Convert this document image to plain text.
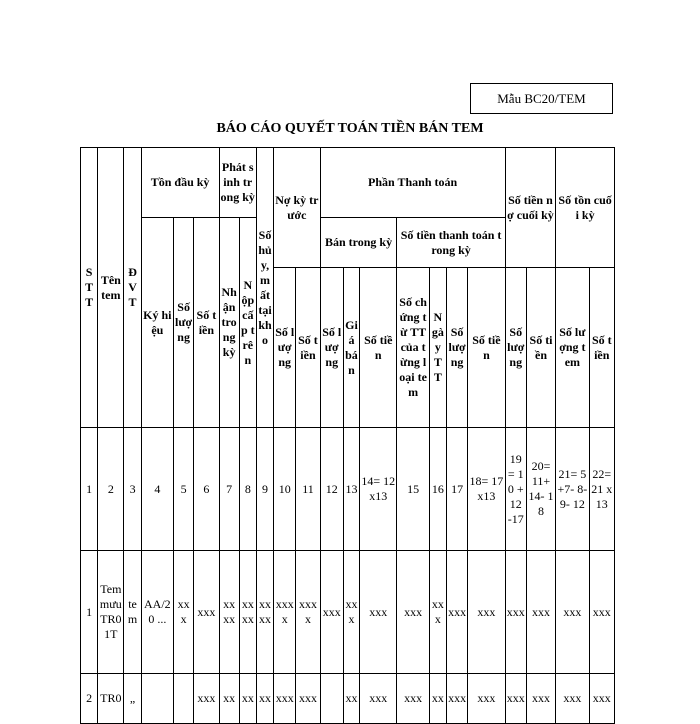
Mẫu BC20/TEM
BÁO CÁO QUYẾT TOÁN TIỀN BÁN TEM
STT	Tên tem	ĐVT	Tồn đầu kỳ			Phát sinh trong kỳ		Số hủy, mất tại kho	Nợ kỳ trước		Phần Thanh toán							Số tiền nợ cuối kỳ		Số tồn cuối kỳ	
			Ký hiệu	Số lượng	Số tiền	Nhận trong kỳ	Nộp cấp trên				Bán trong kỳ			Số tiền thanh toán trong kỳ							
									Số lượng	Số tiền	Số lượng	Giá bán	Số tiền	Số chứng từ TT của từng loại tem	Ngày TT	Số lượng	Số tiền	Số lượng	Số tiền	Số lượng tem	Số tiền
1	2	3	4	5	6	7	8	9	10	11	12	13	14= 12x13	15	16	17	18= 17x13	19 = 10 +12 -17	20= 11+ 14- 18	21= 5+7- 8-9- 12	22= 21 x13
1	Tem mưu TR01T	tem	AA/20 ...	xxx	xxx	xxxx	xxxx	xxxx	xxxx	xxxx	xxx	xxx	xxx	xxx	xxx	xxx	xxx	xxx	xxx	xxx	xxx
2	TR0	„			xxx	xx	xx	xx	xxx	xxx		xx	xxx	xxx	xx	xxx	xxx	xxx	xxx	xxx	xxx
